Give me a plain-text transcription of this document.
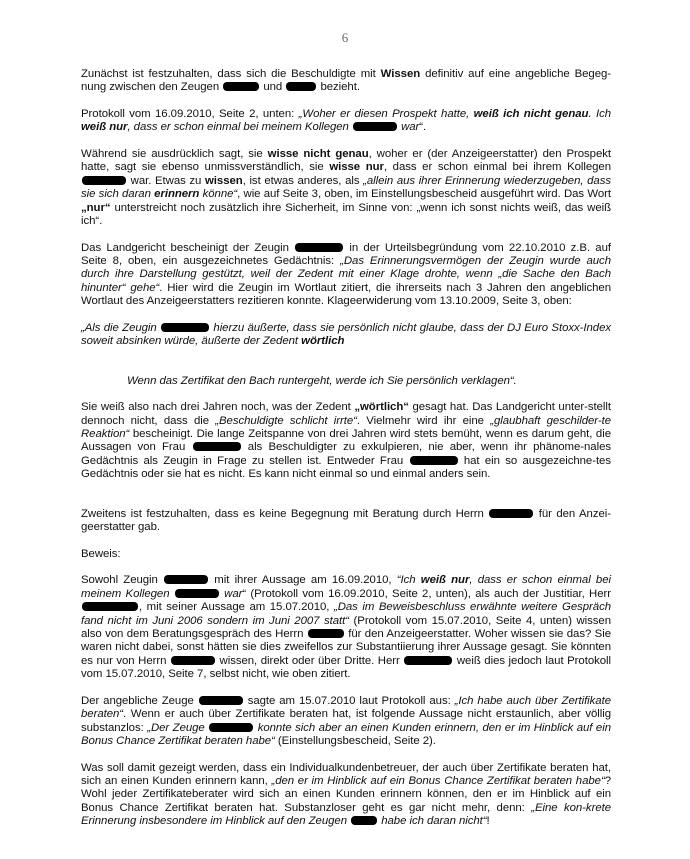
6

Zunächst ist festzuhalten, dass sich die Beschuldigte mit Wissen definitiv auf eine angebliche Begeg-nung zwischen den Zeugen	und	bezieht.

Protokoll vom 16.09.2010, Seite 2, unten: „Woher er diesen Prospekt hatte, weiß ich nicht genau. Ich weiß nur, dass er schon einmal bei meinem Kollegen	war“.

Während sie ausdrücklich sagt, sie wisse nicht genau, woher er (der Anzeigeerstatter) den Prospekt hatte, sagt sie ebenso unmissverständlich, sie wisse nur, dass er schon einmal bei ihrem Kollegen  war. Etwas zu wissen, ist etwas anderes, als „allein aus ihrer Erinnerung wiederzugeben, dass sie sich daran erinnern könne“, wie auf Seite 3, oben, im Einstellungsbescheid ausgeführt wird. Das Wort „nur“ unterstreicht noch zusätzlich ihre Sicherheit, im Sinne von: „wenn ich sonst nichts weiß, das weiß ich“.

Das Landgericht bescheinigt der Zeugin	in der Urteilsbegründung vom 22.10.2010 z.B. auf Seite 8, oben, ein ausgezeichnetes Gedächtnis: „Das Erinnerungsvermögen der Zeugin wurde auch durch ihre Darstellung gestützt, weil der Zedent mit einer Klage drohte, wenn „die Sache den Bach hinunter“ gehe“. Hier wird die Zeugin im Wortlaut zitiert, die ihrerseits nach 3 Jahren den angeblichen Wortlaut des Anzeigeerstatters rezitieren konnte. Klageerwiderung vom 13.10.2009, Seite 3, oben:

„Als die Zeugin	hierzu äußerte, dass sie persönlich nicht glaube, dass der DJ Euro Stoxx-Index soweit absinken würde, äußerte der Zedent wörtlich

Wenn das Zertifikat den Bach runtergeht, werde ich Sie persönlich verklagen“.

Sie weiß also nach drei Jahren noch, was der Zedent „wörtlich“ gesagt hat. Das Landgericht unter-stellt dennoch nicht, dass die „Beschuldigte schlicht irrte“. Vielmehr wird ihr eine „glaubhaft geschilder-te Reaktion“ bescheinigt. Die lange Zeitspanne von drei Jahren wird stets bemüht, wenn es darum geht, die Aussagen von Frau	als Beschuldigter zu exkulpieren, nie aber, wenn ihr phänome-nales Gedächtnis als Zeugin in Frage zu stellen ist. Entweder Frau	hat ein so ausgezeichne-tes Gedächtnis oder sie hat es nicht. Es kann nicht einmal so und einmal anders sein.

Zweitens ist festzuhalten, dass es keine Begegnung mit Beratung durch Herrn	für den Anzei-geerstatter gab.

Beweis:

Sowohl Zeugin	mit ihrer Aussage am 16.09.2010, “Ich weiß nur, dass er schon einmal bei meinem Kollegen	war“ (Protokoll vom 16.09.2010, Seite 2, unten), als auch der Justitiar, Herr , mit seiner Aussage am 15.07.2010, „Das im Beweisbeschluss erwähnte weitere Gespräch fand nicht im Juni 2006 sondern im Juni 2007 statt“ (Protokoll vom 15.07.2010, Seite 4, unten) wissen also von dem Beratungsgespräch des Herrn	für den Anzeigeerstatter. Woher wissen sie das? Sie waren nicht dabei, sonst hätten sie dies zweifellos zur Substantiierung ihrer Aussage gesagt. Sie könnten es nur von Herrn	wissen, direkt oder über Dritte. Herr	weiß dies jedoch laut Protokoll vom 15.07.2010, Seite 7, selbst nicht, wie oben zitiert.

Der angebliche Zeuge	sagte am 15.07.2010 laut Protokoll aus: „Ich habe auch über Zertifikate beraten“. Wenn er auch über Zertifikate beraten hat, ist folgende Aussage nicht erstaunlich, aber völlig substanzlos: „Der Zeuge	konnte sich aber an einen Kunden erinnern, den er im Hinblick auf ein Bonus Chance Zertifikat beraten habe“ (Einstellungsbescheid, Seite 2).

Was soll damit gezeigt werden, dass ein Individualkundenbetreuer, der auch über Zertifikate beraten hat, sich an einen Kunden erinnern kann, „den er im Hinblick auf ein Bonus Chance Zertifikat beraten habe“? Wohl jeder Zertifikateberater wird sich an einen Kunden erinnern können, den er im Hinblick auf ein Bonus Chance Zertifikat beraten hat. Substanzloser geht es gar nicht mehr, denn: „Eine kon-krete Erinnerung insbesondere im Hinblick auf den Zeugen  habe ich daran nicht“!
